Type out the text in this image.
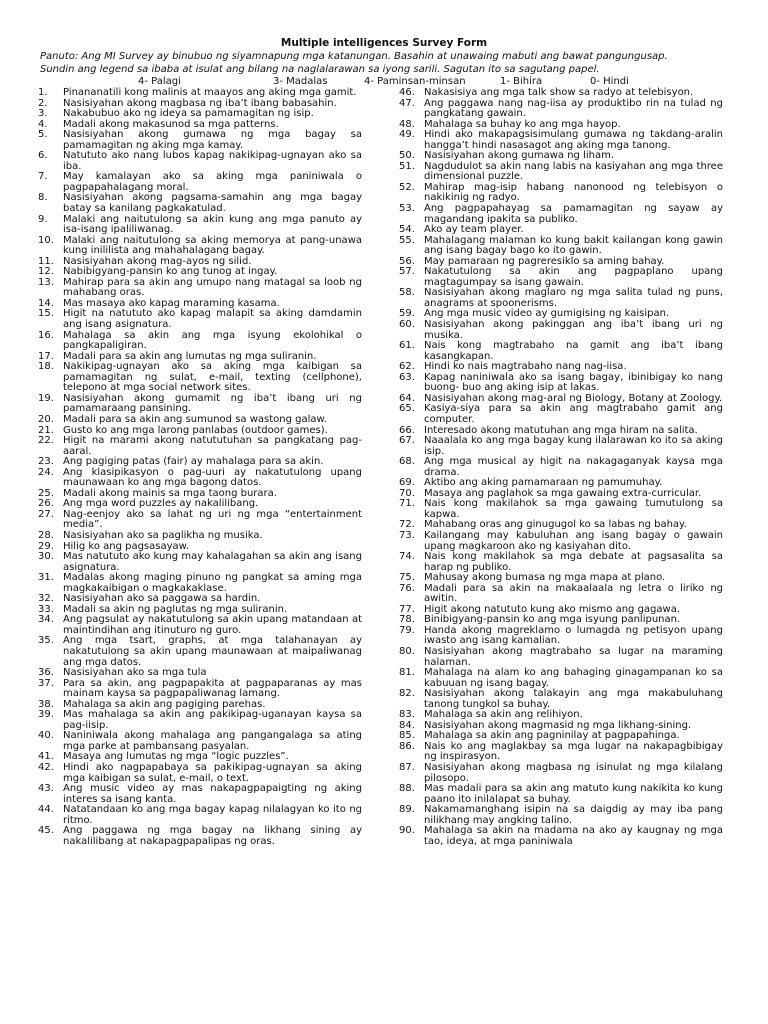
Multiple intelligences Survey Form
Panuto: Ang MI Survey ay binubuo ng siyamnapung mga katanungan. Basahin at unawaing mabuti ang bawat pangungusap.
Sundin ang legend sa ibaba at isulat ang bilang na naglalarawan sa iyong sarili. Sagutan ito sa sagutang papel.
4- Palagi	3- Madalas	4- Paminsan-minsan	1- Bihira	0- Hindi
1.	Pinananatili kong malinis at maayos ang aking mga gamit.
2.	Nasisiyahan akong magbasa ng iba’t ibang babasahin.
3.	Nakabubuo ako ng ideya sa pamamagitan ng isip.
4.	Madali akong makasunod sa mga patterns.
5.	Nasisiyahan akong gumawa ng mga bagay sa pamamagitan ng aking mga kamay.
6.	Natututo ako nang lubos kapag nakikipag-ugnayan ako sa iba.
7.	May kamalayan ako sa aking mga paniniwala o pagpapahalagang moral.
8.	Nasisiyahan akong pagsama-samahin ang mga bagay batay sa kanilang pagkakatulad.
9.	Malaki ang naitutulong sa akin kung ang mga panuto ay isa-isang ipaliliwanag.
10. Malaki ang naitutulong sa aking memorya at pang-unawa kung inililista ang mahahalagang bagay.
11. Nasisiyahan akong mag-ayos ng silid.
12. Nabibigyang-pansin ko ang tunog at ingay.
13. Mahirap para sa akin ang umupo nang matagal sa loob ng mahabang oras.
14. Mas masaya ako kapag maraming kasama.
15. Higit na natututo ako kapag malapit sa aking damdamin ang isang asignatura.
16. Mahalaga sa akin ang mga isyung ekolohikal o pangkapaligiran.
17. Madali para sa akin ang lumutas ng mga suliranin.
18. Nakikipag-ugnayan ako sa aking mga kaibigan sa pamamagitan ng sulat, e-mail, texting (cellphone), telepono at mga social network sites.
19. Nasisiyahan akong gumamit ng iba’t ibang uri ng pamamaraang pansining.
20. Madali para sa akin ang sumunod sa wastong galaw.
21. Gusto ko ang mga larong panlabas (outdoor games).
22. Higit na marami akong natututuhan sa pangkatang pag-aaral.
23. Ang pagiging patas (fair) ay mahalaga para sa akin.
24. Ang klasipikasyon o pag-uuri ay nakatutulong upang maunawaan ko ang mga bagong datos.
25. Madali akong mainis sa mga taong burara.
26. Ang mga word puzzles ay nakalilibang.
27. Nag-eenjoy ako sa lahat ng uri ng mga “entertainment media”.
28. Nasisiyahan ako sa paglikha ng musika.
29. Hilig ko ang pagsasayaw.
30. Mas natututo ako kung may kahalagahan sa akin ang isang asignatura.
31. Madalas akong maging pinuno ng pangkat sa aming mga magkakaibigan o magkakaklase.
32. Nasisiyahan ako sa paggawa sa hardin.
33. Madali sa akin ng paglutas ng mga suliranin.
34. Ang pagsulat ay nakatutulong sa akin upang matandaan at maintindihan ang itinuturo ng guro.
35. Ang mga tsart, graphs, at mga talahanayan ay nakatutulong sa akin upang maunawaan at maipaliwanag ang mga datos.
36. Nasisiyahan ako sa mga tula
37. Para sa akin, ang pagpapakita at pagpaparanas ay mas mainam kaysa sa pagpapaliwanag lamang.
38. Mahalaga sa akin ang pagiging parehas.
39. Mas mahalaga sa akin ang pakikipag-uganayan kaysa sa pag-iisip.
40. Naniniwala akong mahalaga ang pangangalaga sa ating mga parke at pambansang pasyalan.
41. Masaya ang lumutas ng mga “logic puzzles”.
42. Hindi ako nagpapabaya sa pakikipag-ugnayan sa aking mga kaibigan sa sulat, e-mail, o text.
43. Ang music video ay mas nakapagpapaigting ng aking interes sa isang kanta.
44. Natatandaan ko ang mga bagay kapag nilalagyan ko ito ng ritmo.
45. Ang paggawa ng mga bagay na likhang sining ay nakalilibang at nakapagpapalipas ng oras.
46. Nakasisiya ang mga talk show sa radyo at telebisyon.
47. Ang paggawa nang nag-iisa ay produktibo rin na tulad ng pangkatang gawain.
48. Mahalaga sa buhay ko ang mga hayop.
49. Hindi ako makapagsisimulang gumawa ng takdang-aralin hangga’t hindi nasasagot ang aking mga tanong.
50. Nasisiyahan akong gumawa ng liham.
51. Nagdudulot sa akin nang labis na kasiyahan ang mga three dimensional puzzle.
52. Mahirap mag-isip habang nanonood ng telebisyon o nakikinig ng radyo.
53. Ang pagpapahayag sa pamamagitan ng sayaw ay magandang ipakita sa publiko.
54. Ako ay team player.
55. Mahalagang malaman ko kung bakit kailangan kong gawin ang isang bagay bago ko ito gawin.
56. May pamaraan ng pagreresiklo sa aming bahay.
57. Nakatutulong sa akin ang pagpaplano upang magtagumpay sa isang gawain.
58. Nasisiyahan akong maglaro ng mga salita tulad ng puns, anagrams at spoonerisms.
59. Ang mga music video ay gumigising ng kaisipan.
60. Nasisiyahan akong pakinggan ang iba’t ibang uri ng musika.
61. Nais kong magtrabaho na gamit ang iba’t ibang kasangkapan.
62. Hindi ko nais magtrabaho nang nag-iisa.
63. Kapag naniniwala ako sa isang bagay, ibinibigay ko nang buong- buo ang aking isip at lakas.
64. Nasisiyahan akong mag-aral ng Biology, Botany at Zoology.
65. Kasiya-siya para sa akin ang magtrabaho gamit ang computer.
66. Interesado akong matutuhan ang mga hiram na salita.
67. Naaalala ko ang mga bagay kung ilalarawan ko ito sa aking isip.
68. Ang mga musical ay higit na nakagaganyak kaysa mga drama.
69. Aktibo ang aking pamamaraan ng pamumuhay.
70. Masaya ang paglahok sa mga gawaing extra-curricular.
71. Nais kong makilahok sa mga gawaing tumutulong sa kapwa.
72. Mahabang oras ang ginugugol ko sa labas ng bahay.
73. Kailangang may kabuluhan ang isang bagay o gawain upang magkaroon ako ng kasiyahan dito.
74. Nais kong makilahok sa mga debate at pagsasalita sa harap ng publiko.
75. Mahusay akong bumasa ng mga mapa at plano.
76. Madali para sa akin na makaalaala ng letra o liriko ng awitin.
77. Higit akong natututo kung ako mismo ang gagawa.
78. Binibigyang-pansin ko ang mga isyung panlipunan.
79. Handa akong magreklamo o lumagda ng petisyon upang iwasto ang isang kamalian.
80. Nasisiyahan akong magtrabaho sa lugar na maraming halaman.
81. Mahalaga na alam ko ang bahaging ginagampanan ko sa kabuuan ng isang bagay.
82. Nasisiyahan akong talakayin ang mga makabuluhang tanong tungkol sa buhay.
83. Mahalaga sa akin ang relihiyon.
84. Nasisiyahan akong magmasid ng mga likhang-sining.
85. Mahalaga sa akin ang pagninilay at pagpapahinga.
86. Nais ko ang maglakbay sa mga lugar na nakapagbibigay ng inspirasyon.
87. Nasisiyahan akong magbasa ng isinulat ng mga kilalang pilosopo.
88. Mas madali para sa akin ang matuto kung nakikita ko kung paano ito inilalapat sa buhay.
89. Nakamamanghang isipin na sa daigdig ay may iba pang nilikhang may angking talino.
90. Mahalaga sa akin na madama na ako ay kaugnay ng mga tao, ideya, at mga paniniwala
